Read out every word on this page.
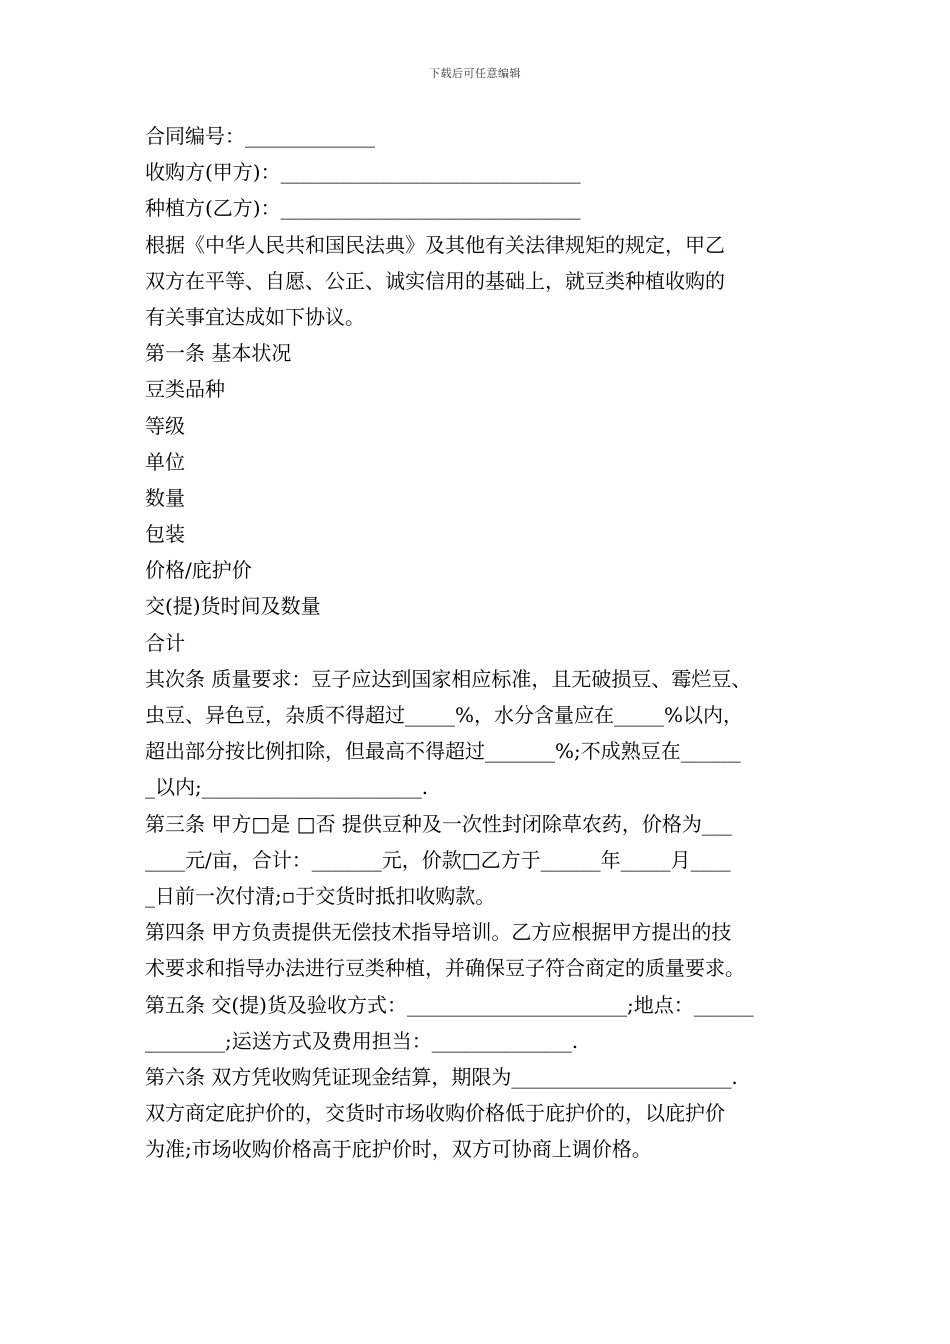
下载后可任意编辑
合同编号：_____________
收购方(甲方)：______________________________
种植方(乙方)：______________________________
根据《中华人民共和国民法典》及其他有关法律规矩的规定，甲乙
双方在平等、自愿、公正、诚实信用的基础上，就豆类种植收购的
有关事宜达成如下协议。
第一条 基本状况
豆类品种
等级
单位
数量
包装
价格/庇护价
交(提)货时间及数量
合计
其次条 质量要求：豆子应达到国家相应标准，且无破损豆、霉烂豆、
虫豆、异色豆，杂质不得超过_____%，水分含量应在_____%以内，
超出部分按比例扣除，但最高不得超过_______%;不成熟豆在______
_以内;______________________.
第三条 甲方□是 □否 提供豆种及一次性封闭除草农药，价格为___
____元/亩，合计：_______元，价款□乙方于______年_____月____
_日前一次付清;▫于交货时抵扣收购款。
第四条 甲方负责提供无偿技术指导培训。乙方应根据甲方提出的技
术要求和指导办法进行豆类种植，并确保豆子符合商定的质量要求。
第五条 交(提)货及验收方式：______________________;地点：______
________;运送方式及费用担当：______________.
第六条 双方凭收购凭证现金结算，期限为______________________.
双方商定庇护价的，交货时市场收购价格低于庇护价的，以庇护价
为准;市场收购价格高于庇护价时，双方可协商上调价格。
